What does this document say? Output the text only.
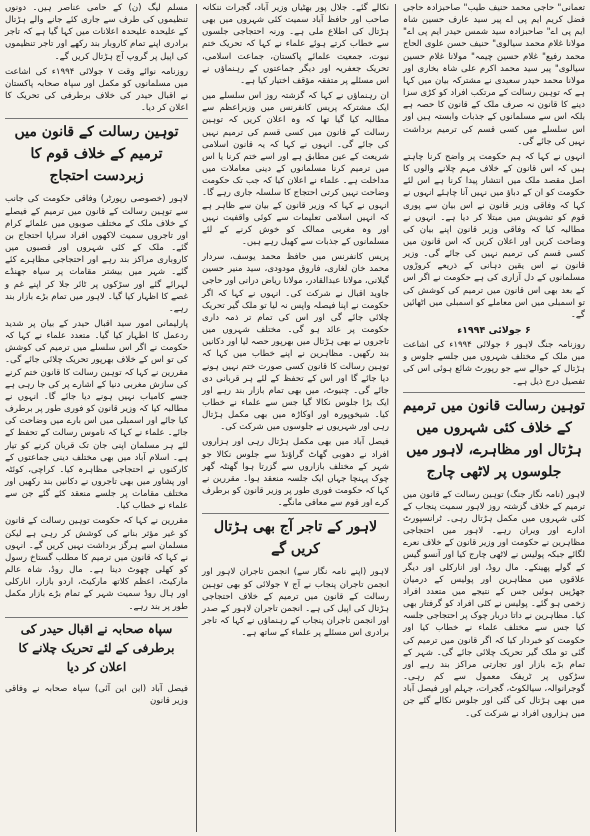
تعمانی" حاجی محمد حنیف طیب" صاحبزادہ حاجی فضل کریم ایم پی اے پیر سید عارف حسین شاہ ایم پی اے" صاحبزادہ سید شمس حیدر ایم پی اے" مولانا غلام محمد سیالوی" حنیف حسن علوی الحاج محمد رفیع" غلام حسین چیمہ" مولانا غلام حسین سیالوی" پیر سید محمد اکرم علی شاہ بخاری اور مولانا محمد حیدر سعیدی نے مشترکہ بیان میں کہا ہے کہ توہین رسالت کے مرتکب افراد کو کڑی سزا دینے کا قانون نہ صرف ملک کے قانون کا حصہ ہے بلکہ اس سے مسلمانوں کے جذبات وابستہ ہیں اور اس سلسلے میں کسی قسم کی ترمیم برداشت نہیں کی جائے گی۔

انہوں نے کہا کہ ہم حکومت پر واضح کرنا چاہتے ہیں کہ اس قانون کے خلاف مہم چلانے والوں کا اصل مقصد ملک میں انتشار پیدا کرنا ہے اس لئے حکومت کو ان کے دباؤ میں نہیں آنا چاہئے انہوں نے کہا کہ وفاقی وزیر قانون نے اس بیان سے پوری قوم کو تشویش میں مبتلا کر دیا ہے۔ انہوں نے مطالبہ کیا کہ وفاقی وزیر قانون اپنے بیان کی وضاحت کریں اور اعلان کریں کہ اس قانون میں کسی قسم کی ترمیم نہیں کی جائے گی۔ وزیر قانون نے اس یقین دہانی کے ذریعے کروڑوں مسلمانوں کے دل آزاری کی ہے حکومت نے اگر اس کے بعد بھی اس قانون میں ترمیم کی کوشش کی تو اسمبلی میں اس معاملے کو اسمبلی میں اٹھائیں گے۔

۶ جولائی ۱۹۹۴ء

روزنامہ جنگ لاہور ۶ جولائی ۱۹۹۴ء کی اشاعت میں ملک کے مختلف شہروں میں جلسے جلوس و ہڑتال کے حوالے سے جو رپورٹ شائع ہوئی اس کی تفصیل درج ذیل ہے۔

توہین رسالت قانون میں ترمیم کے خلاف کئی شہروں میں ہڑتال اور مظاہرے، لاہور میں جلوسوں پر لاٹھی چارج

لاہور (نامہ نگار جنگ) توہین رسالت کے قانون میں ترمیم کے خلاف گزشتہ روز لاہور سمیت پنجاب کے کئی شہروں میں مکمل ہڑتال رہی۔ ٹرانسپورٹ ادارے اور ویران رہے۔ لاہور میں احتجاجی مظاہرین نے حکومت اور وزیر قانون کے خلاف نعرے لگائے جبکہ پولیس نے لاٹھی چارج کیا اور آنسو گیس کے گولے پھینکے۔ مال روڈ، اور انارکلی اور دیگر علاقوں میں مظاہرین اور پولیس کے درمیان جھڑپیں ہوئیں جس کے نتیجے میں متعدد افراد زخمی ہو گئے۔ پولیس نے کئی افراد کو گرفتار بھی کیا۔ مظاہرین نے داتا دربار چوک پر احتجاجی جلسہ کیا جس سے مختلف علماء نے خطاب کیا اور حکومت کو خبردار کیا کہ اگر قانون میں ترمیم کی گئی تو ملک گیر تحریک چلائی جائے گی۔ شہر کے تمام بڑے بازار اور تجارتی مراکز بند رہے اور سڑکوں پر ٹریفک معمول سے کم رہی۔ گوجرانوالہ، سیالکوٹ، گجرات، جہلم اور فیصل آباد میں بھی ہڑتال کی گئی اور جلوس نکالے گئے جن میں ہزاروں افراد نے شرکت کی۔

نکالے گئے۔ جلال پور بھٹیاں وزیر آباد، گجرات ننکانہ صاحب اور حافظ آباد سمیت کئی شہروں میں بھی ہڑتال کی اطلاع ملی ہے۔ ورنہ احتجاجی جلسوں سے خطاب کرتے ہوئے علماء نے کہا کہ تحریک ختم نبوت، جمعیت علمائے پاکستان، جماعت اسلامی، تحریک جعفریہ اور دیگر جماعتوں کے رہنماؤں نے اس مسئلے پر متفقہ مؤقف اختیار کیا ہے۔

ان رہنماؤں نے کہا کہ گزشتہ روز اس سلسلے میں ایک مشترکہ پریس کانفرنس میں وزیراعظم سے مطالبہ کیا گیا تھا کہ وہ اعلان کریں کہ توہین رسالت کے قانون میں کسی قسم کی ترمیم نہیں کی جائے گی۔ انہوں نے کہا کہ یہ قانون اسلامی شریعت کے عین مطابق ہے اور اسے ختم کرنا یا اس میں ترمیم کرنا مسلمانوں کے دینی معاملات میں مداخلت ہے۔ علماء نے اعلان کیا کہ جب تک حکومت وضاحت نہیں کرتی احتجاج کا سلسلہ جاری رہے گا۔ انہوں نے کہا کہ وزیر قانون کے بیان سے ظاہر ہے کہ انہیں اسلامی تعلیمات سے کوئی واقفیت نہیں اور وہ مغربی ممالک کو خوش کرنے کے لئے مسلمانوں کے جذبات سے کھیل رہے ہیں۔

پریس کانفرنس میں حافظ محمد یوسف، سردار محمد خان لغاری، فاروق مودودی، سید منیر حسین گیلانی، مولانا عبدالقادر، مولانا ریاض درانی اور حاجی جاوید اقبال نے شرکت کی۔ انہوں نے کہا کہ اگر حکومت نے اپنا فیصلہ واپس نہ لیا تو ملک گیر تحریک چلائی جائے گی اور اس کی تمام تر ذمہ داری حکومت پر عائد ہو گی۔ مختلف شہروں میں تاجروں نے بھی ہڑتال میں بھرپور حصہ لیا اور دکانیں بند رکھیں۔ مظاہرین نے اپنے خطاب میں کہا کہ توہین رسالت کا قانون کسی صورت ختم نہیں ہونے دیا جائے گا اور اس کے تحفظ کے لئے ہر قربانی دی جائے گی۔ چنیوٹ، میں بھی تمام بازار بند رہے اور ایک بڑا جلوس نکالا گیا جس سے علماء نے خطاب کیا۔ شیخوپورہ اور اوکاڑہ میں بھی مکمل ہڑتال رہی اور شہریوں نے جلوسوں میں شرکت کی۔

فیصل آباد میں بھی مکمل ہڑتال رہی اور ہزاروں افراد نے دھوبی گھاٹ گراؤنڈ سے جلوس نکالا جو شہر کے مختلف بازاروں سے گزرتا ہوا گھنٹہ گھر چوک پہنچا جہاں ایک جلسہ منعقد ہوا۔ مقررین نے کہا کہ حکومت فوری طور پر وزیر قانون کو برطرف کرے اور قوم سے معافی مانگے۔

لاہور کے تاجر آج بھی ہڑتال کریں گے

لاہور (اپنے نامہ نگار سے) انجمن تاجران لاہور اور انجمن تاجران پنجاب نے آج ۷ جولائی کو بھی توہین رسالت کے قانون میں ترمیم کے خلاف احتجاجی ہڑتال کی اپیل کی ہے۔ انجمن تاجران لاہور کے صدر اور انجمن تاجران پنجاب کے رہنماؤں نے کہا کہ تاجر برادری اس مسئلے پر علماء کے ساتھ ہے۔

مسلم لیگ (ن) کے حامی عناصر ہیں۔ دونوں تنظیموں کی طرف سے جاری کئے جانے والے ہڑتال کے علیحدہ علیحدہ اعلانات میں کہا گیا ہے کہ تاجر برادری اپنے تمام کاروبار بند رکھے اور تاجر تنظیموں کی اپیل پر گروپ آج ہڑتال کریں گے۔

روزنامہ نوائے وقت ۷ جولائی ۱۹۹۴ء کی اشاعت میں مسلمانوں کو مکمل اور سپاہ صحابہ پاکستان نے اقبال حیدر کی خلاف برطرفی کی تحریک کا اعلان کر دیا۔

توہین رسالت کے قانون میں ترمیم کے خلاف قوم کا زبردست احتجاج

لاہور (خصوصی رپورٹر) وفاقی حکومت کی جانب سے توہین رسالت کے قانون میں ترمیم کے فیصلے کے خلاف ملک کے مختلف صوبوں میں علمائے کرام اور تاجروں سمیت لاکھوں افراد سراپا احتجاج بن گئے۔ ملک کے کئی شہروں اور قصبوں میں کاروباری مراکز بند رہے اور احتجاجی مظاہرے کئے گئے۔ شہر میں بیشتر مقامات پر سیاہ جھنڈے لہرائے گئے اور سڑکوں پر ٹائر جلا کر اپنے غم و غصے کا اظہار کیا گیا۔ لاہور میں تمام بڑے بازار بند رہے۔

پارلیمانی امور سید اقبال حیدر کے بیان پر شدید ردعمل کا اظہار کیا گیا۔ متعدد علماء نے کہا کہ حکومت نے اگر اس سلسلے میں ترمیم کی کوشش کی تو اس کے خلاف بھرپور تحریک چلائی جائے گی۔ مقررین نے کہا کہ توہین رسالت کا قانون ختم کرنے کی سازش مغربی دنیا کے اشارے پر کی جا رہی ہے جسے کامیاب نہیں ہونے دیا جائے گا۔ انہوں نے مطالبہ کیا کہ وزیر قانون کو فوری طور پر برطرف کیا جائے اور اسمبلی میں اس بارے میں وضاحت کی جائے۔ علماء نے کہا کہ ناموس رسالت کے تحفظ کے لئے ہر مسلمان اپنی جان تک قربان کرنے کو تیار ہے۔ اسلام آباد میں بھی مختلف دینی جماعتوں کے کارکنوں نے احتجاجی مظاہرہ کیا۔ کراچی، کوئٹہ اور پشاور میں بھی تاجروں نے دکانیں بند رکھیں اور مختلف مقامات پر جلسے منعقد کئے گئے جن سے علماء نے خطاب کیا۔

مقررین نے کہا کہ حکومت توہین رسالت کے قانون کو غیر مؤثر بنانے کی کوشش کر رہی ہے لیکن مسلمان اسے ہرگز برداشت نہیں کریں گے۔ انہوں نے کہا کہ قانون میں ترمیم کا مطلب گستاخ رسول کو کھلی چھوٹ دینا ہے۔ مال روڈ، شاہ عالم مارکیٹ، اعظم کلاتھ مارکیٹ، اردو بازار، انارکلی اور ہال روڈ سمیت شہر کے تمام بڑے بازار مکمل طور پر بند رہے۔

سپاہ صحابہ نے اقبال حیدر کی برطرفی کے لئے تحریک چلانے کا اعلان کر دیا

فیصل آباد (این این آئی) سپاہ صحابہ نے وفاقی وزیر قانون
